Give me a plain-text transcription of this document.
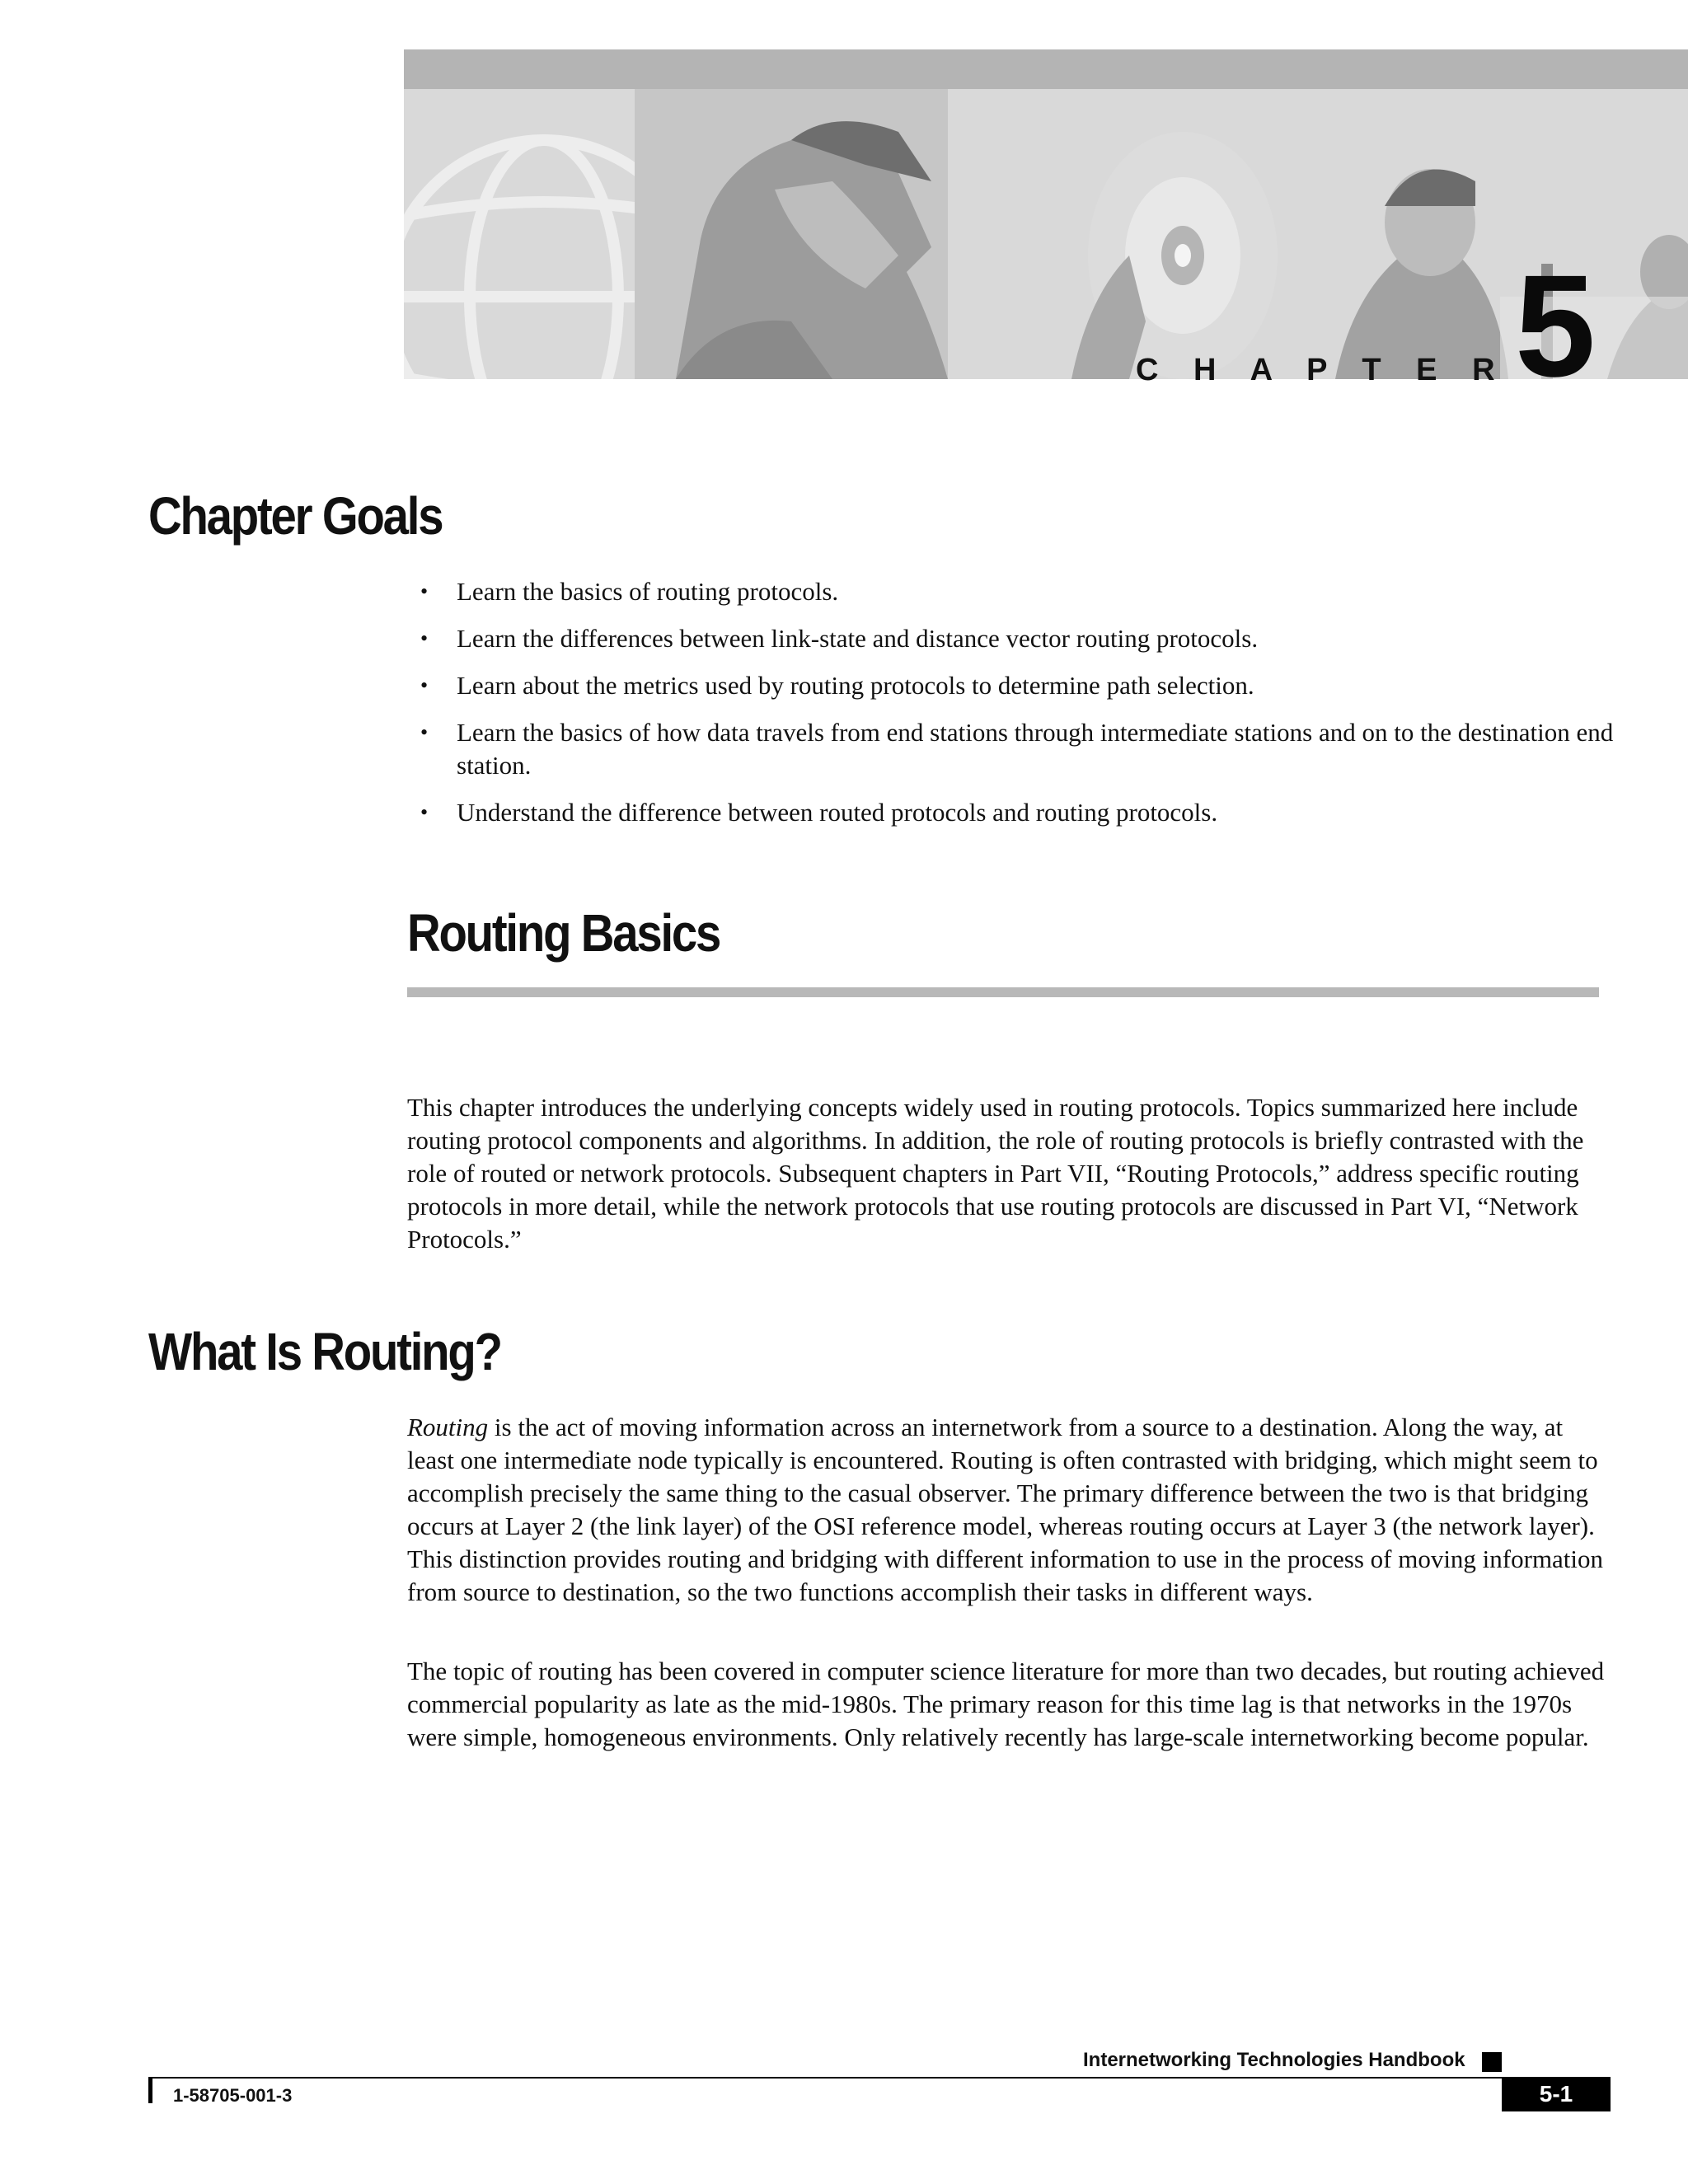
C H A P T E R 5
Chapter Goals
• Learn the basics of routing protocols.
• Learn the differences between link-state and distance vector routing protocols.
• Learn about the metrics used by routing protocols to determine path selection.
• Learn the basics of how data travels from end stations through intermediate stations and on to the destination end station.
• Understand the difference between routed protocols and routing protocols.
Routing Basics

This chapter introduces the underlying concepts widely used in routing protocols. Topics summarized here include routing protocol components and algorithms. In addition, the role of routing protocols is briefly contrasted with the role of routed or network protocols. Subsequent chapters in Part VII, “Routing Protocols,” address specific routing protocols in more detail, while the network protocols that use routing protocols are discussed in Part VI, “Network Protocols.”

What Is Routing?

Routing is the act of moving information across an internetwork from a source to a destination. Along the way, at least one intermediate node typically is encountered. Routing is often contrasted with bridging, which might seem to accomplish precisely the same thing to the casual observer. The primary difference between the two is that bridging occurs at Layer 2 (the link layer) of the OSI reference model, whereas routing occurs at Layer 3 (the network layer). This distinction provides routing and bridging with different information to use in the process of moving information from source to destination, so the two functions accomplish their tasks in different ways.

The topic of routing has been covered in computer science literature for more than two decades, but routing achieved commercial popularity as late as the mid-1980s. The primary reason for this time lag is that networks in the 1970s were simple, homogeneous environments. Only relatively recently has large-scale internetworking become popular.

Internetworking Technologies Handbook
1-58705-001-3	5-1
